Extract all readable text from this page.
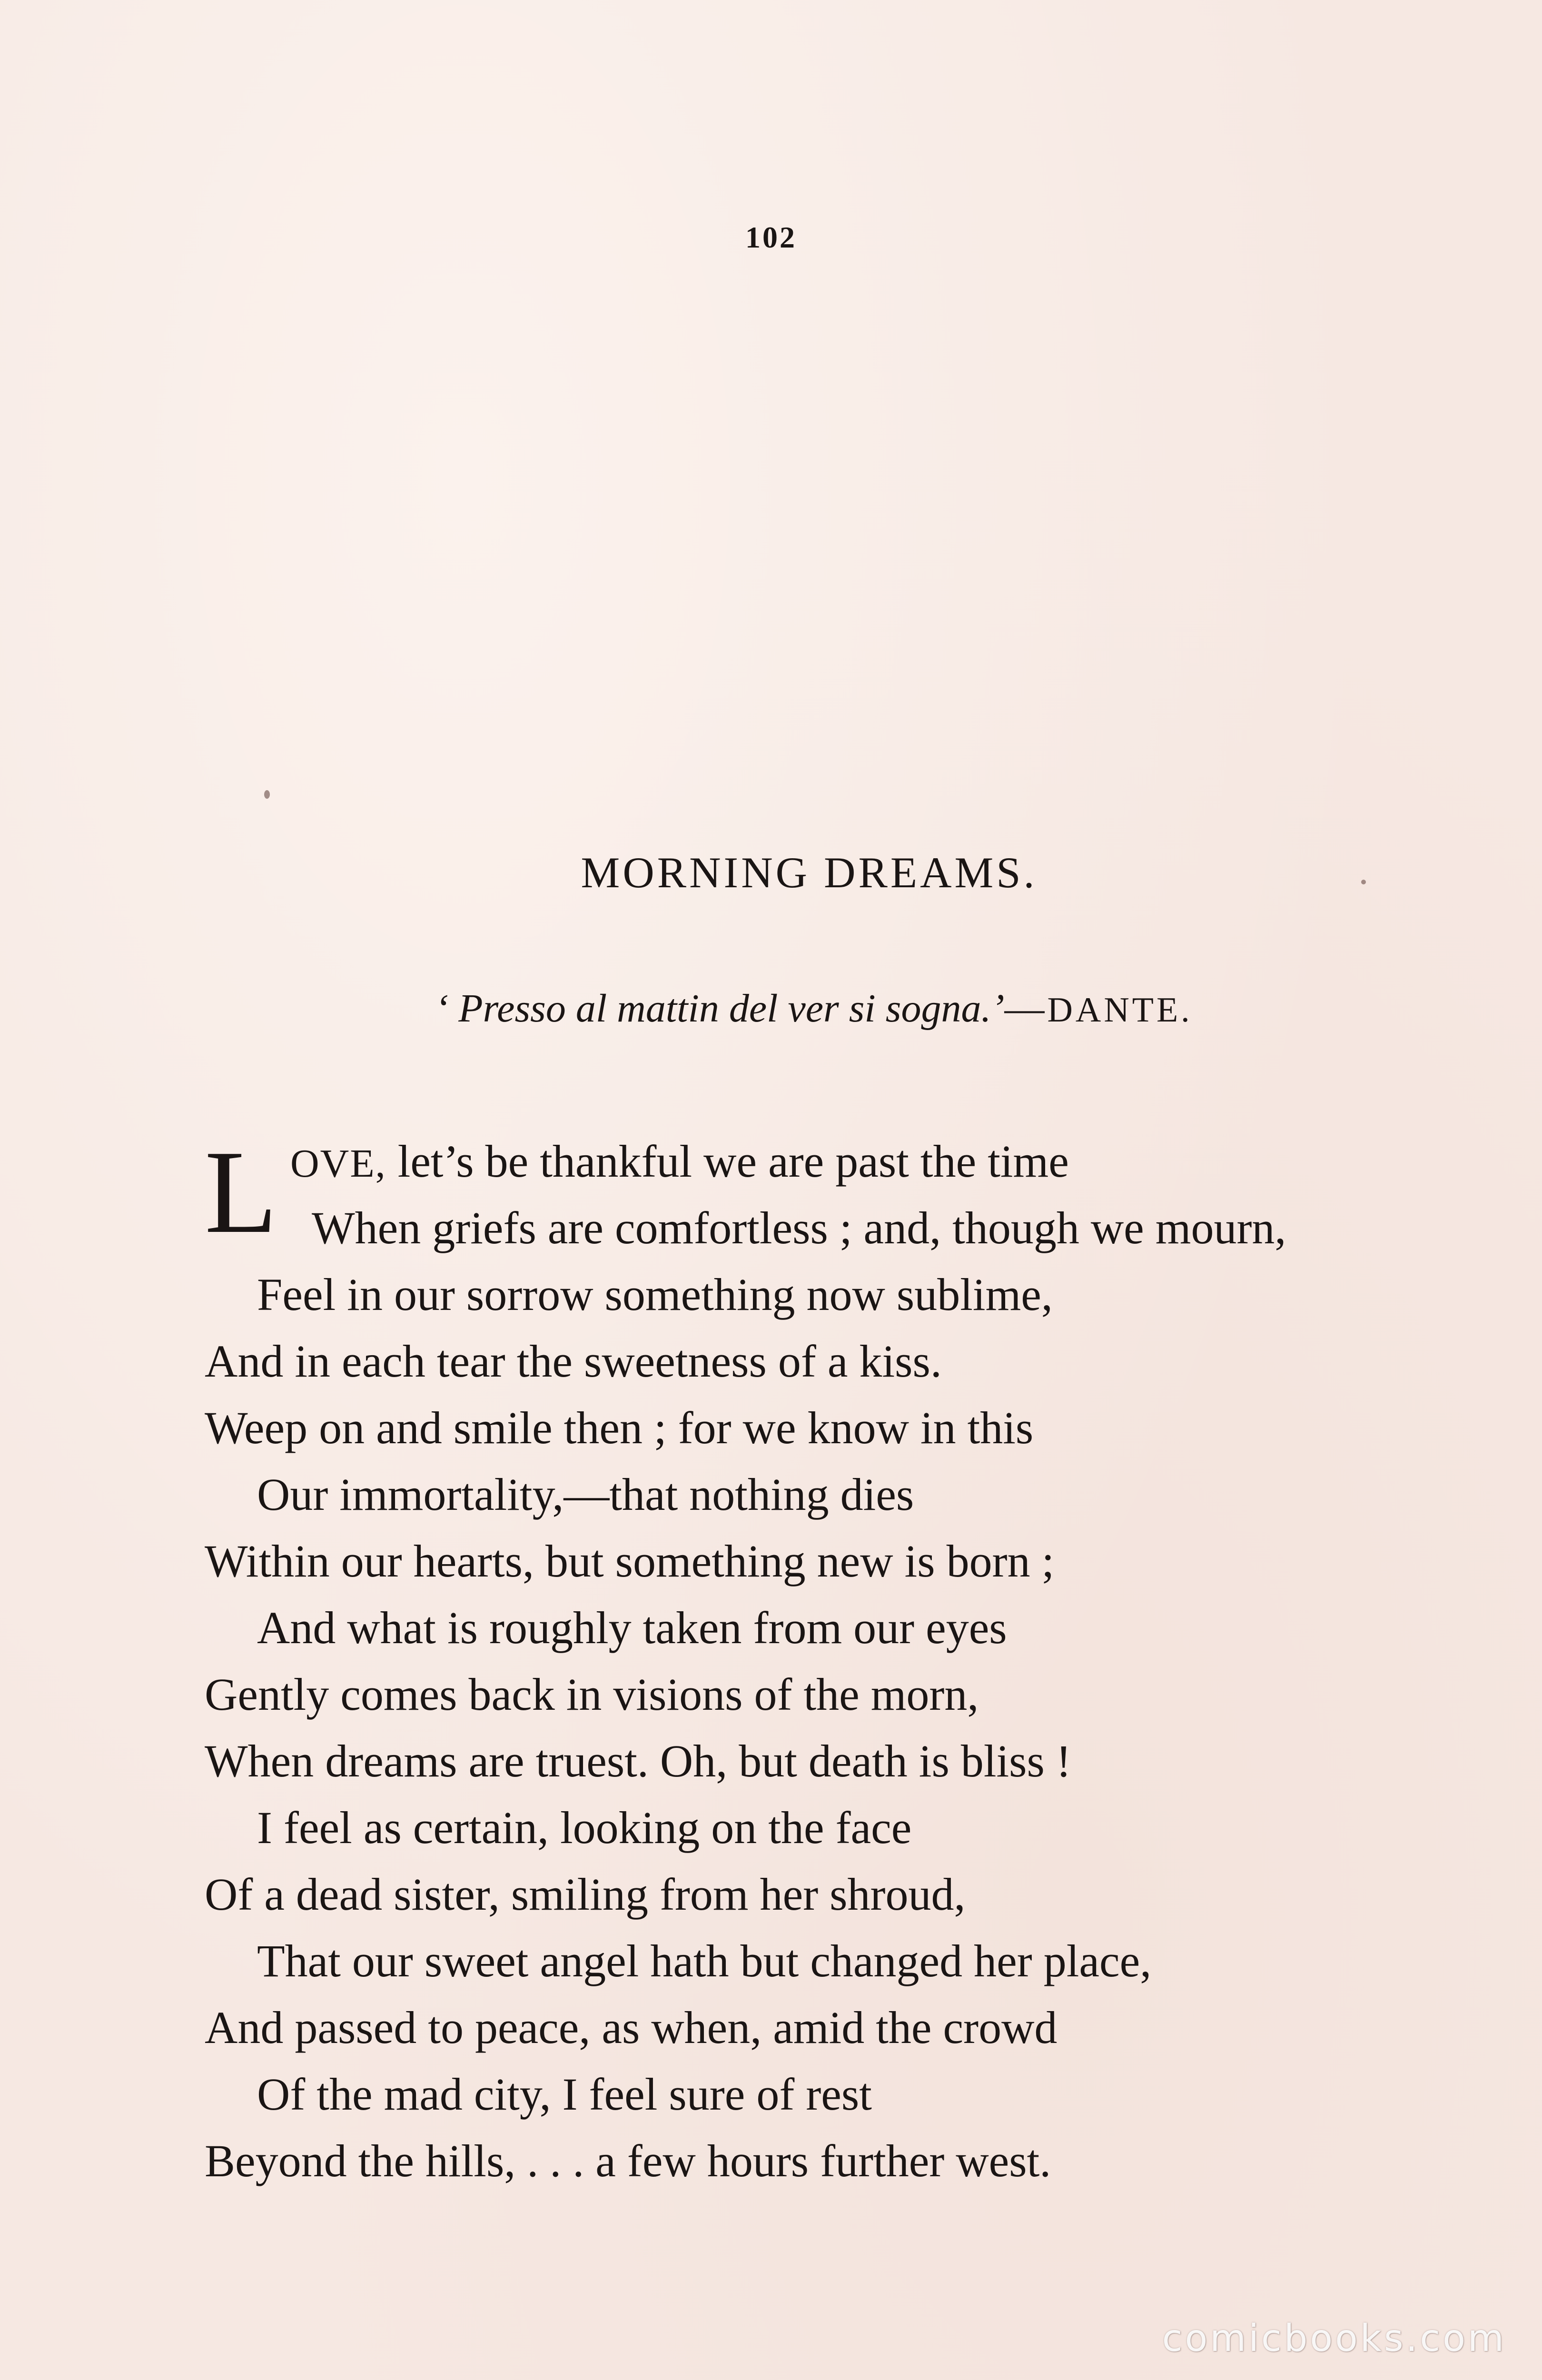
102
MORNING DREAMS.
‘ Presso al mattin del ver si sogna.’—DANTE.
L OVE, let’s be thankful we are past the time
When griefs are comfortless ; and, though we mourn,
Feel in our sorrow something now sublime,
And in each tear the sweetness of a kiss.
Weep on and smile then ; for we know in this
Our immortality,—that nothing dies
Within our hearts, but something new is born ;
And what is roughly taken from our eyes
Gently comes back in visions of the morn,
When dreams are truest. Oh, but death is bliss !
I feel as certain, looking on the face
Of a dead sister, smiling from her shroud,
That our sweet angel hath but changed her place,
And passed to peace, as when, amid the crowd
Of the mad city, I feel sure of rest
Beyond the hills, . . . a few hours further west.
comicbooks.com
